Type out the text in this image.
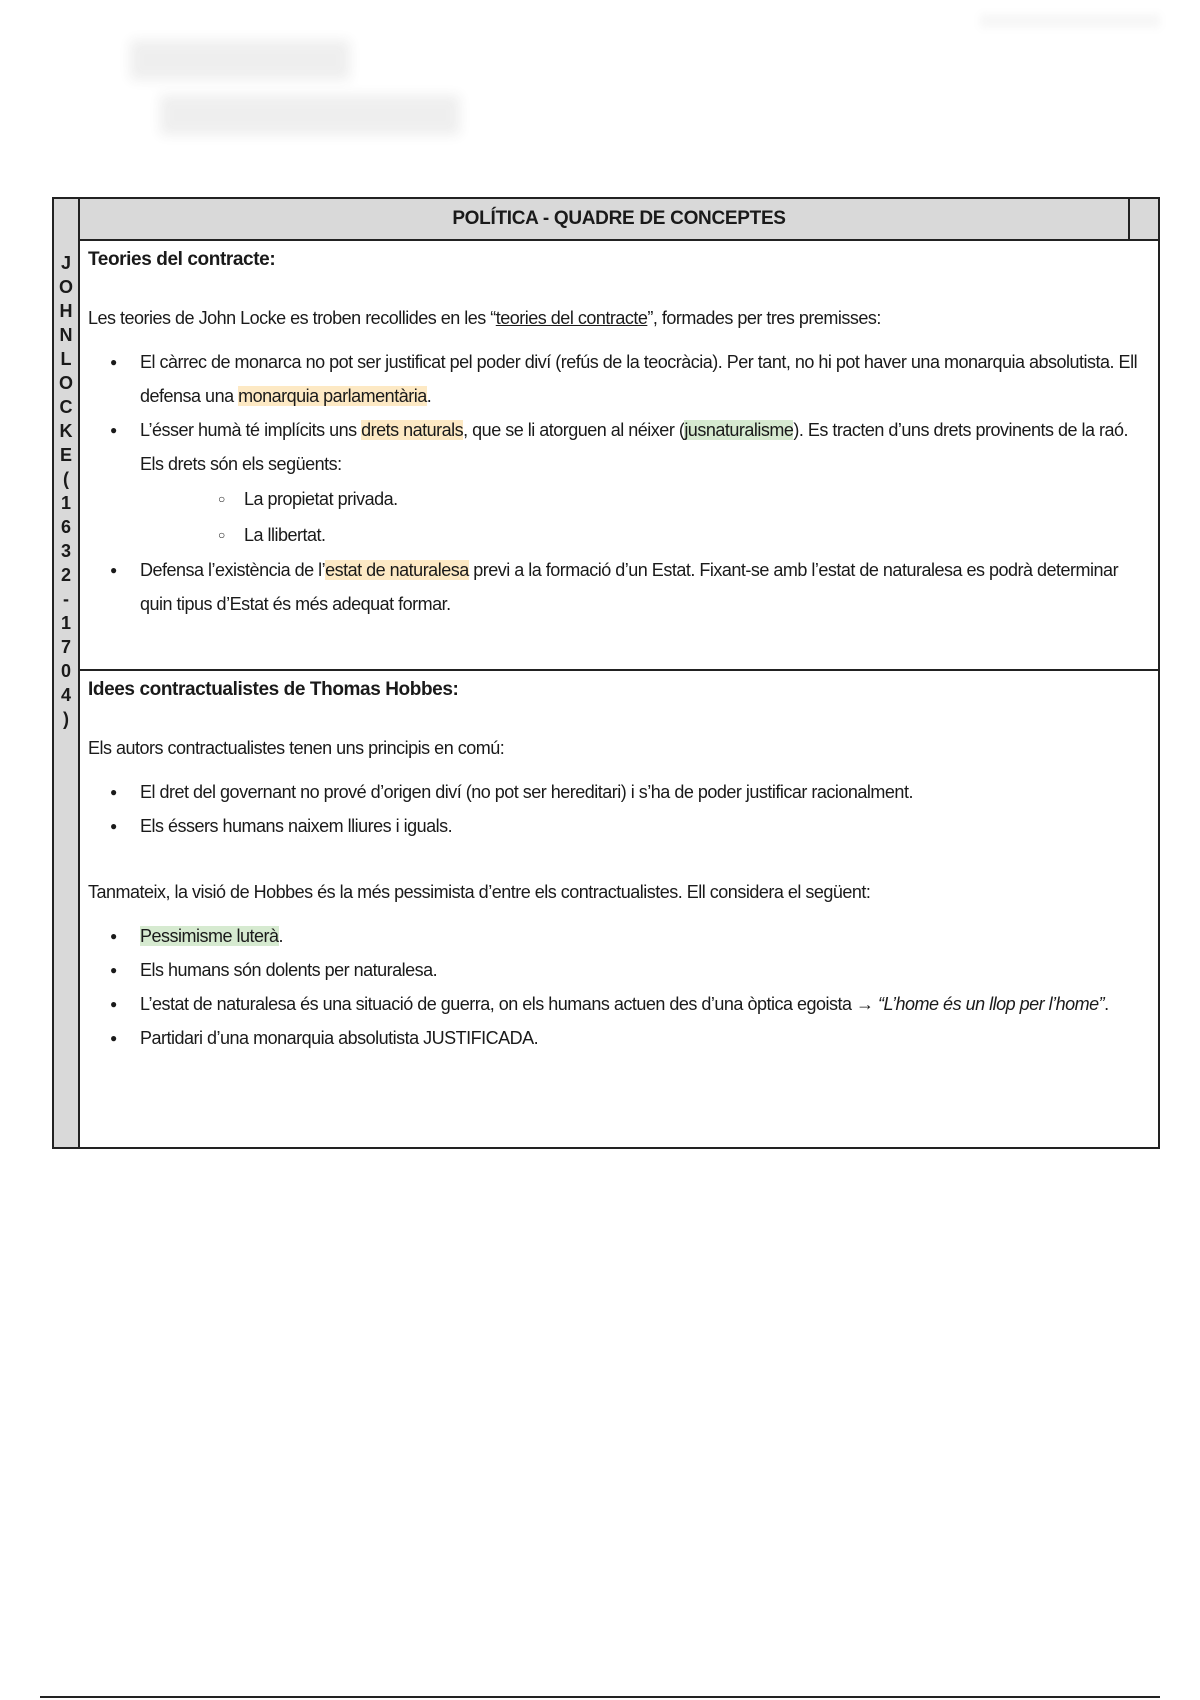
J
O
H
N
L
O
C
K
E
(
1
6
3
2
-
1
7
0
4
)
POLÍTICA - QUADRE DE CONCEPTES
Teories del contracte:

Les teories de John Locke es troben recollides en les “teories del contracte”, formades per tres premisses:

● El càrrec de monarca no pot ser justificat pel poder diví (refús de la teocràcia). Per tant, no hi pot haver una monarquia absolutista. Ell defensa una monarquia parlamentària.
● L’ésser humà té implícits uns drets naturals, que se li atorguen al néixer (jusnaturalisme). Es tracten d’uns drets provinents de la raó. Els drets són els següents:
○ La propietat privada.
○ La llibertat.
● Defensa l’existència de l’estat de naturalesa previ a la formació d’un Estat. Fixant-se amb l’estat de naturalesa es podrà determinar quin tipus d’Estat és més adequat formar.
Idees contractualistes de Thomas Hobbes:

Els autors contractualistes tenen uns principis en comú:

● El dret del governant no prové d’origen diví (no pot ser hereditari) i s’ha de poder justificar racionalment.
● Els éssers humans naixem lliures i iguals.

Tanmateix, la visió de Hobbes és la més pessimista d’entre els contractualistes. Ell considera el següent:

● Pessimisme luterà.
● Els humans són dolents per naturalesa.
● L’estat de naturalesa és una situació de guerra, on els humans actuen des d’una òptica egoista → “L’home és un llop per l’home”.
● Partidari d’una monarquia absolutista JUSTIFICADA.
